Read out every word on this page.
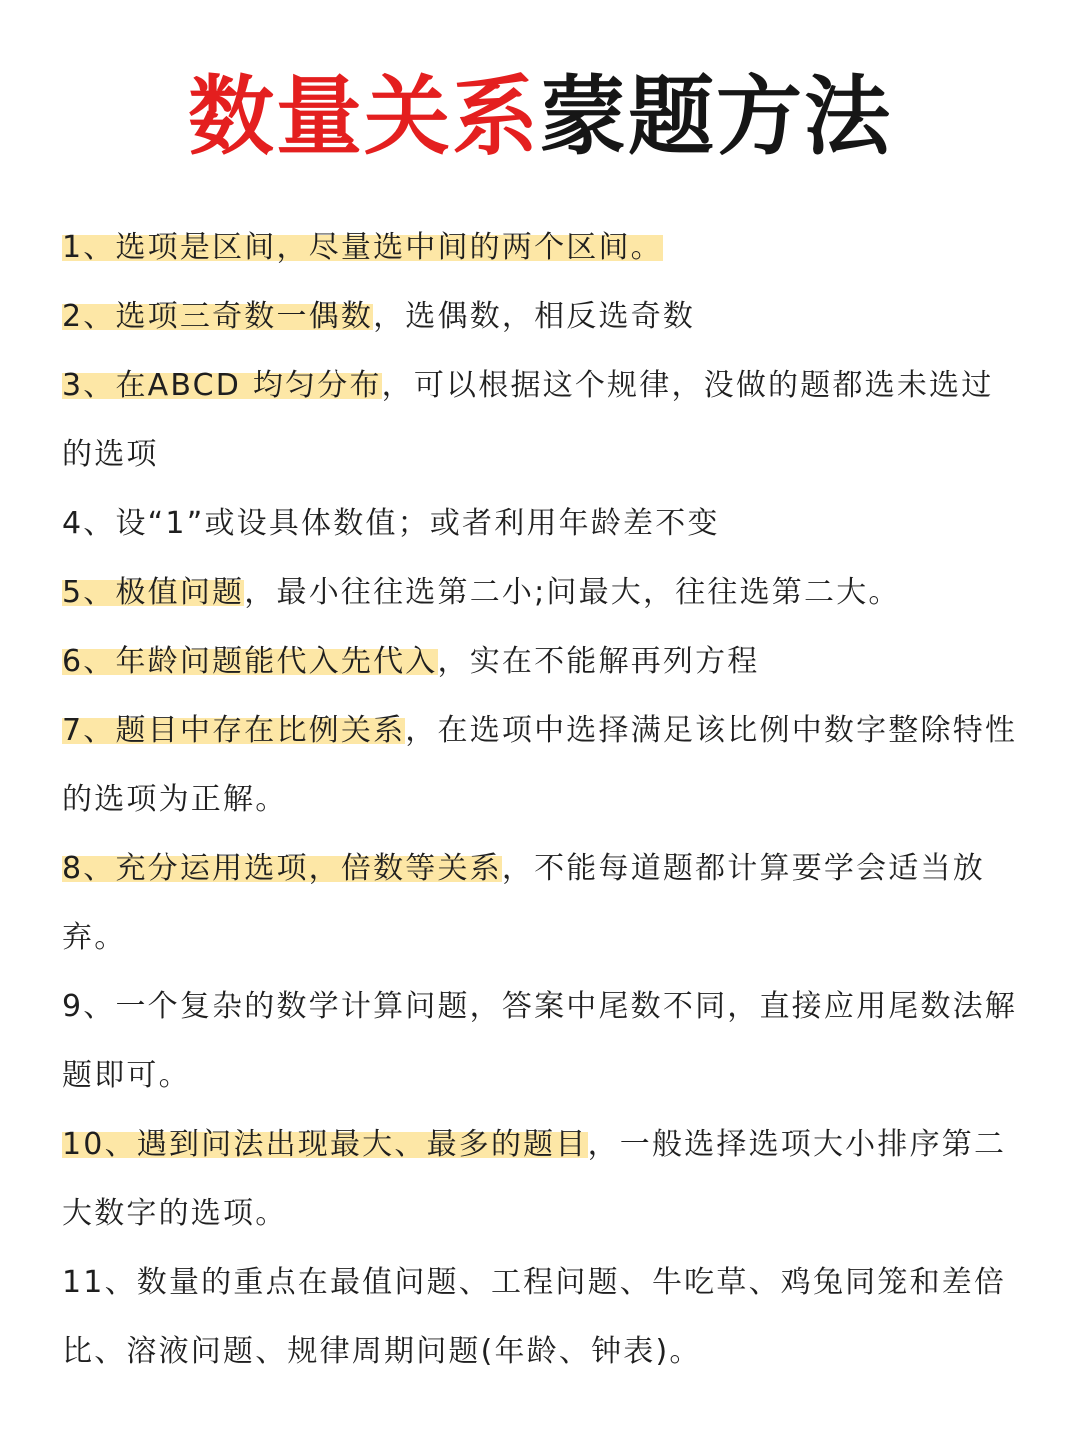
数量关系蒙题方法
1、选项是区间，尽量选中间的两个区间。
2、选项三奇数一偶数，选偶数，相反选奇数
3、在ABCD 均匀分布，可以根据这个规律，没做的题都选未选过的选项
4、设“1”或设具体数值；或者利用年龄差不变
5、极值问题，最小往往选第二小;问最大，往往选第二大。
6、年龄问题能代入先代入，实在不能解再列方程
7、题目中存在比例关系，在选项中选择满足该比例中数字整除特性的选项为正解。
8、充分运用选项，倍数等关系，不能每道题都计算要学会适当放弃。
9、一个复杂的数学计算问题，答案中尾数不同，直接应用尾数法解题即可。
10、遇到问法出现最大、最多的题目，一般选择选项大小排序第二大数字的选项。
11、数量的重点在最值问题、工程问题、牛吃草、鸡兔同笼和差倍比、溶液问题、规律周期问题(年龄、钟表)。
